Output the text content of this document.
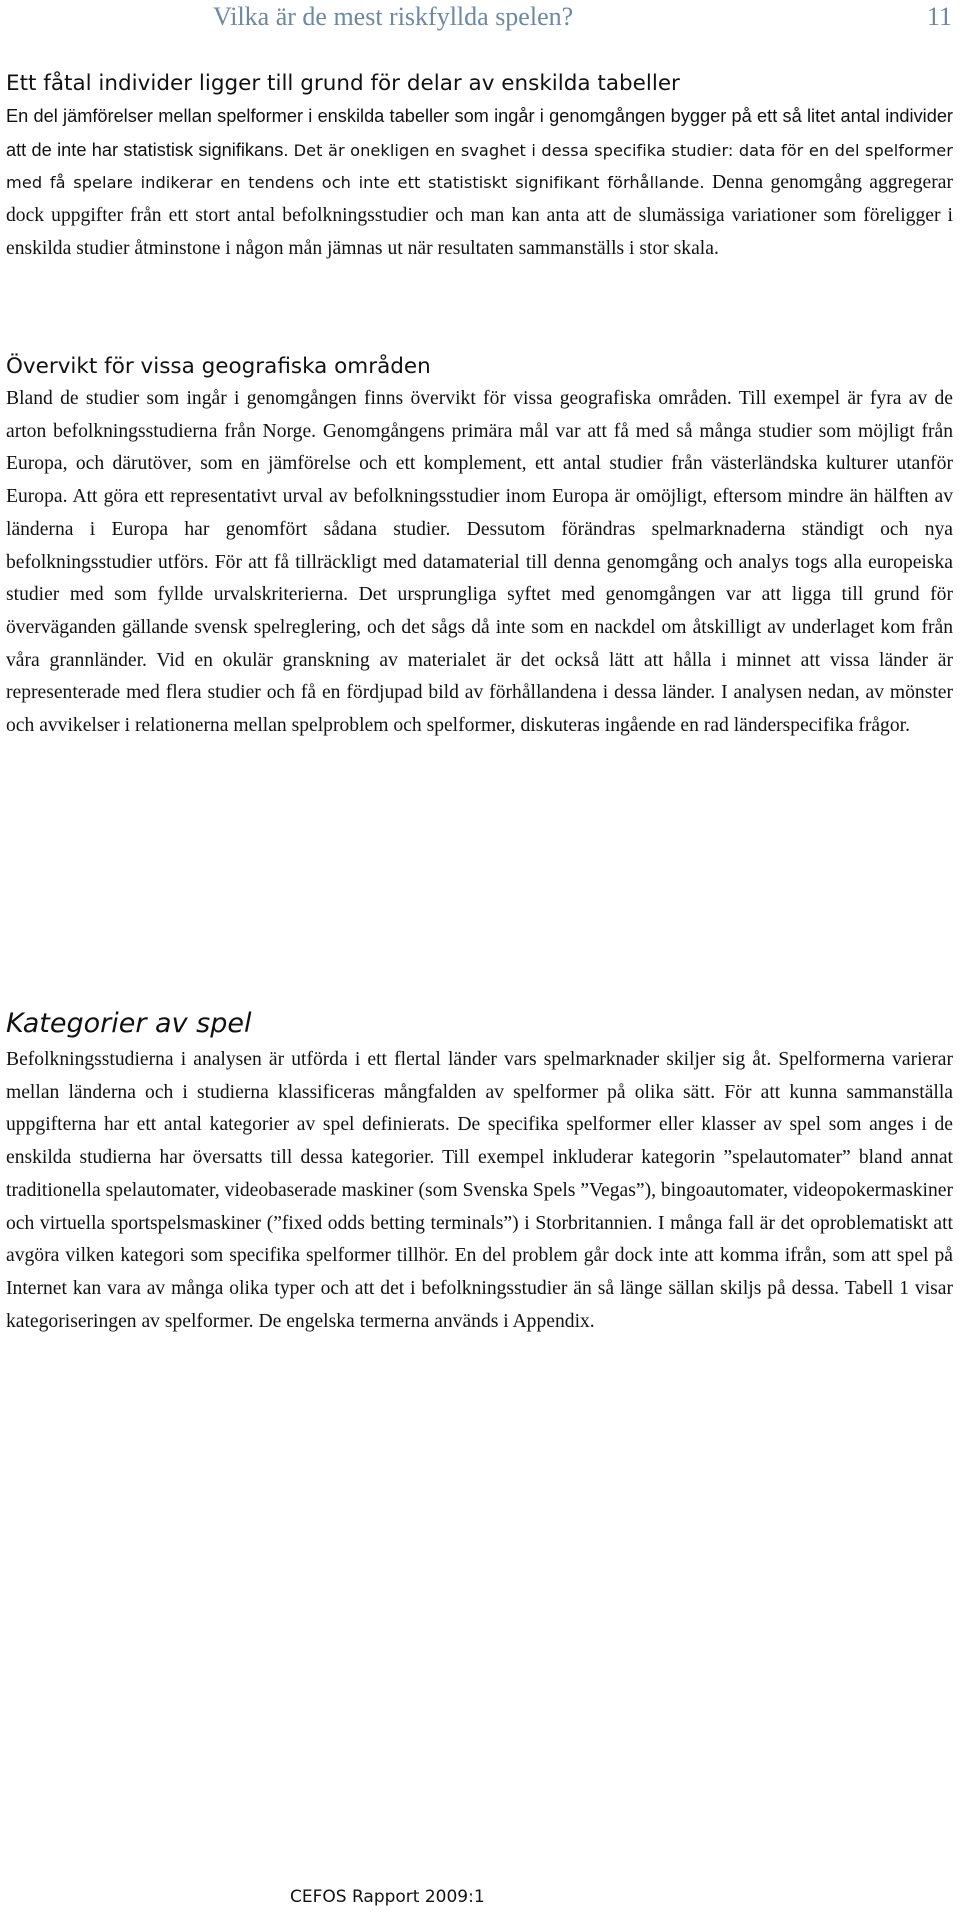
Vilka är de mest riskfyllda spelen?	11
Ett fåtal individer ligger till grund för delar av enskilda tabeller

En del jämförelser mellan spelformer i enskilda tabeller som ingår i genomgången bygger på ett så litet antal individer att de inte har statistisk signifikans. Det är onekligen en svaghet i dessa specifika studier: data för en del spelformer med få spelare indikerar en tendens och inte ett statistiskt signifikant förhållande. Denna genomgång aggregerar dock uppgifter från ett stort antal befolkningsstudier och man kan anta att de slumässiga variationer som föreligger i enskilda studier åtminstone i någon mån jämnas ut när resultaten sammanställs i stor skala.

Övervikt för vissa geografiska områden

Bland de studier som ingår i genomgången finns övervikt för vissa geografiska områden. Till exempel är fyra av de arton befolkningsstudierna från Norge. Genomgångens primära mål var att få med så många studier som möjligt från Europa, och därutöver, som en jämförelse och ett komplement, ett antal studier från västerländska kulturer utanför Europa. Att göra ett representativt urval av befolkningsstudier inom Europa är omöjligt, eftersom mindre än hälften av länderna i Europa har genomfört sådana studier. Dessutom förändras spelmarknaderna ständigt och nya befolkningsstudier utförs. För att få tillräckligt med datamaterial till denna genomgång och analys togs alla europeiska studier med som fyllde urvalskriterierna. Det ursprungliga syftet med genomgången var att ligga till grund för överväganden gällande svensk spelreglering, och det sågs då inte som en nackdel om åtskilligt av underlaget kom från våra grannländer. Vid en okulär granskning av materialet är det också lätt att hålla i minnet att vissa länder är representerade med flera studier och få en fördjupad bild av förhållandena i dessa länder. I analysen nedan, av mönster och avvikelser i relationerna mellan spelproblem och spelformer, diskuteras ingående en rad länderspecifika frågor.

Kategorier av spel

Befolkningsstudierna i analysen är utförda i ett flertal länder vars spelmarknader skiljer sig åt. Spelformerna varierar mellan länderna och i studierna klassificeras mångfalden av spelformer på olika sätt. För att kunna sammanställa uppgifterna har ett antal kategorier av spel definierats. De specifika spelformer eller klasser av spel som anges i de enskilda studierna har översatts till dessa kategorier. Till exempel inkluderar kategorin ”spelautomater” bland annat traditionella spelautomater, videobaserade maskiner (som Svenska Spels ”Vegas”), bingoautomater, videopokermaskiner och virtuella sportspelsmaskiner (”fixed odds betting terminals”) i Storbritannien. I många fall är det oproblematiskt att avgöra vilken kategori som specifika spelformer tillhör. En del problem går dock inte att komma ifrån, som att spel på Internet kan vara av många olika typer och att det i befolkningsstudier än så länge sällan skiljs på dessa. Tabell 1 visar kategoriseringen av spelformer. De engelska termerna används i Appendix.

CEFOS Rapport 2009:1
